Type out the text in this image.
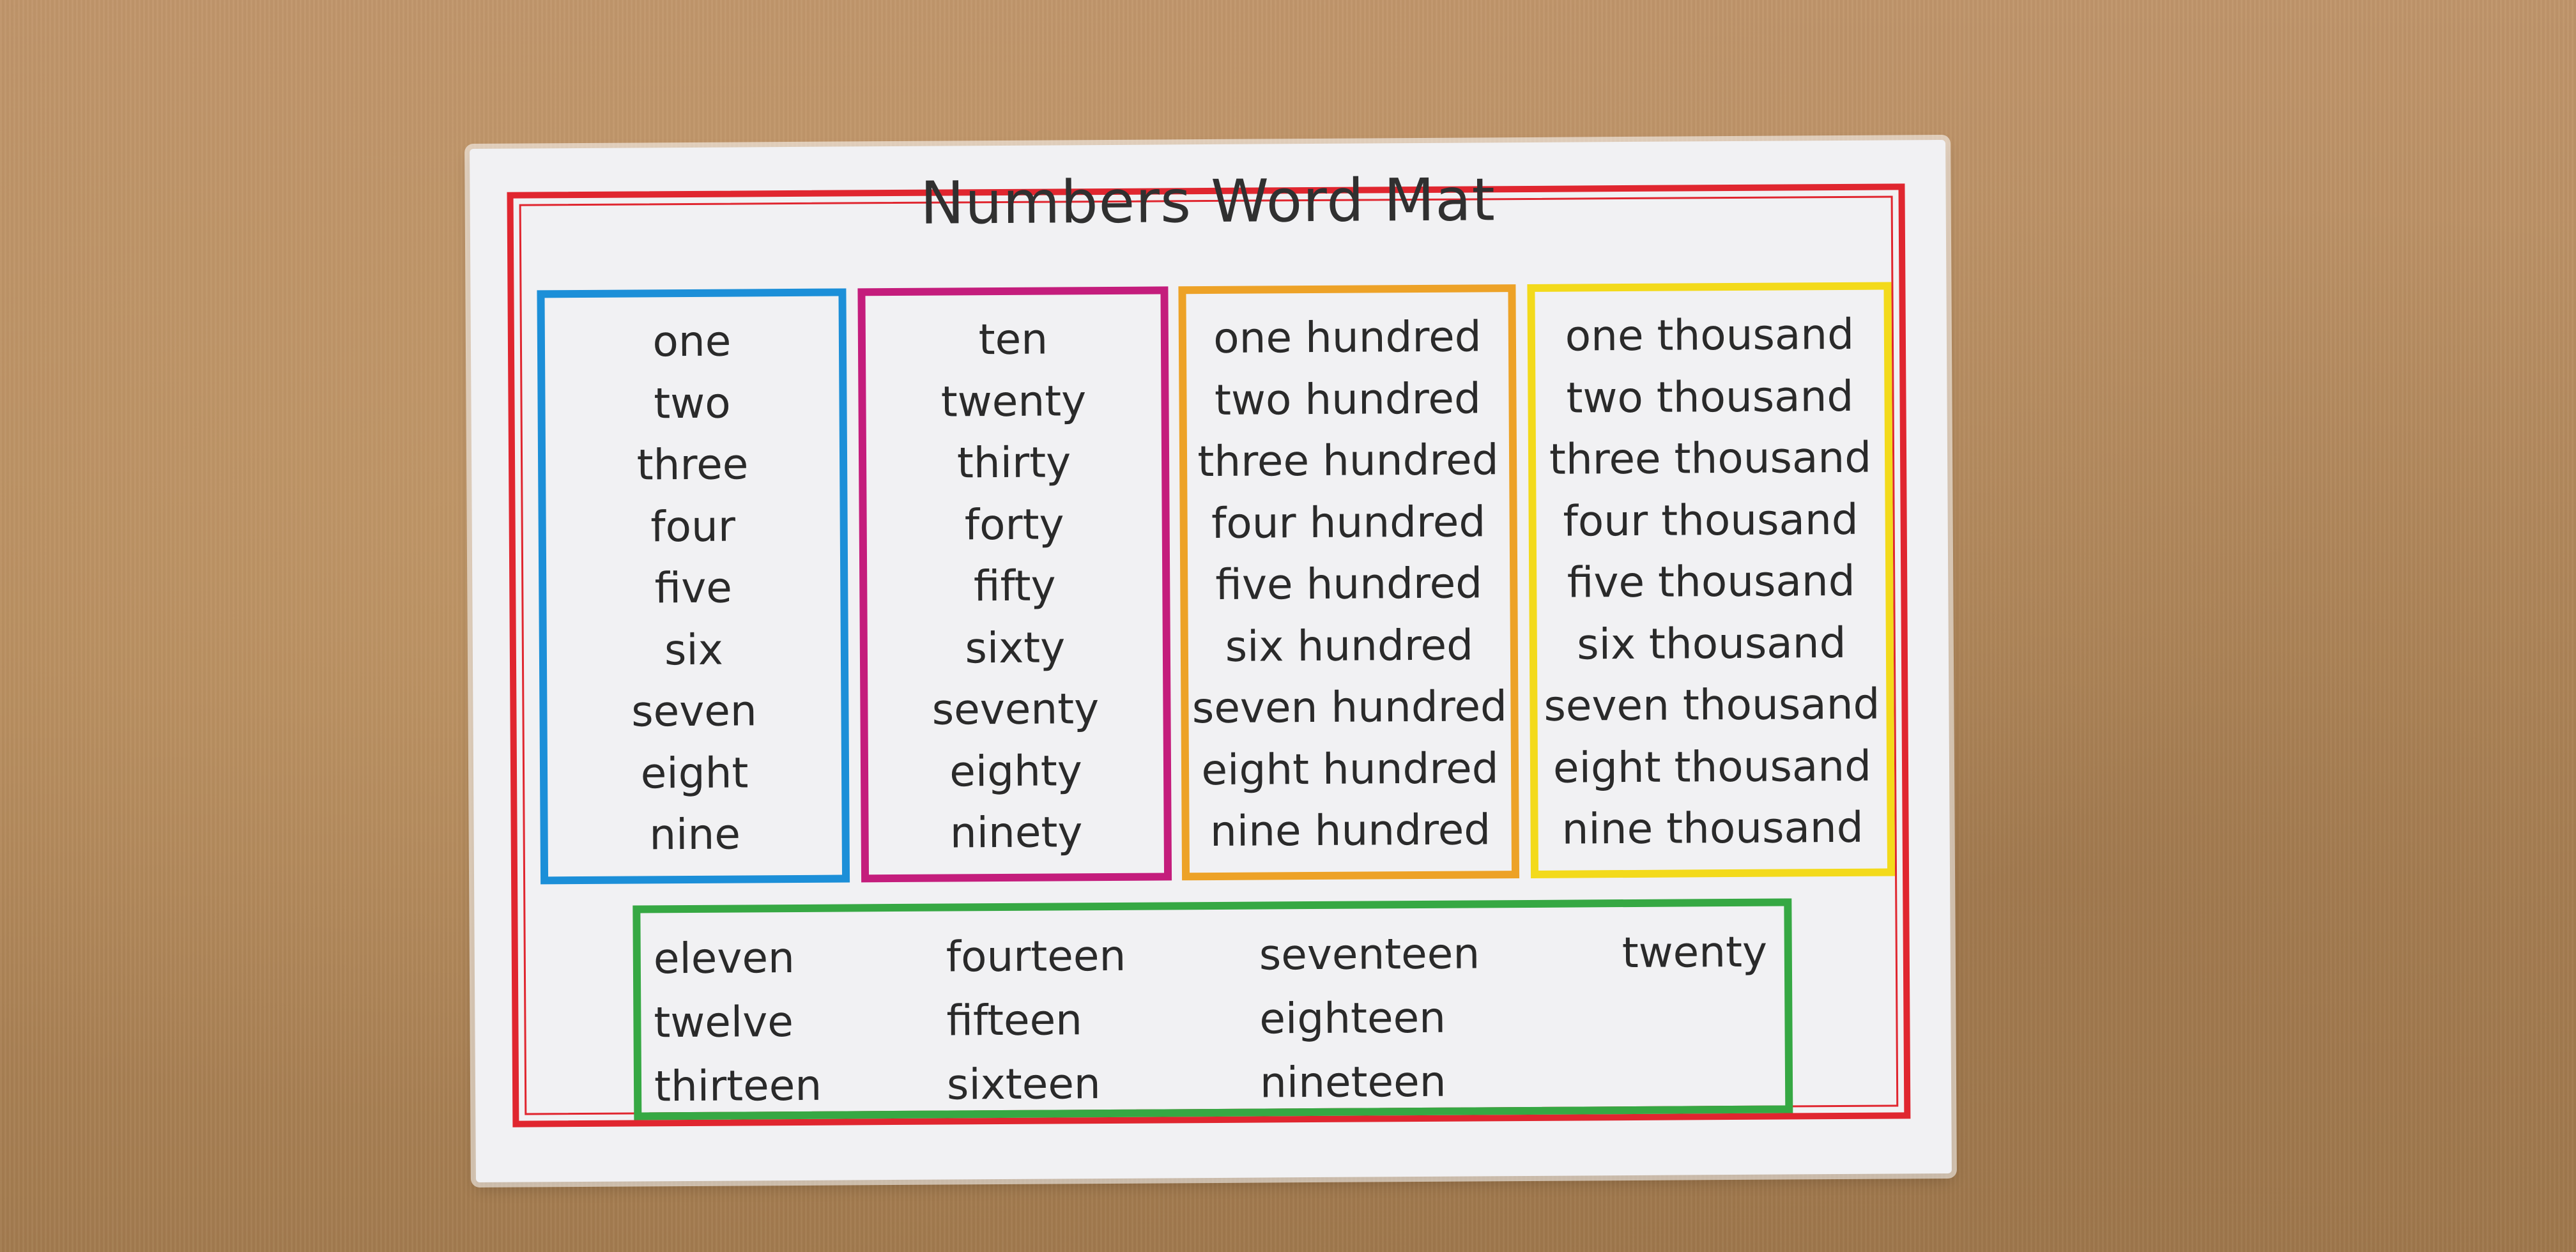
Numbers Word Mat
one
two
three
four
five
six
seven
eight
nine
ten
twenty
thirty
forty
fifty
sixty
seventy
eighty
ninety
one hundred
two hundred
three hundred
four hundred
five hundred
six hundred
seven hundred
eight hundred
nine hundred
one thousand
two thousand
three thousand
four thousand
five thousand
six thousand
seven thousand
eight thousand
nine thousand
eleven
twelve
thirteen
fourteen
fifteen
sixteen
seventeen
eighteen
nineteen
twenty
